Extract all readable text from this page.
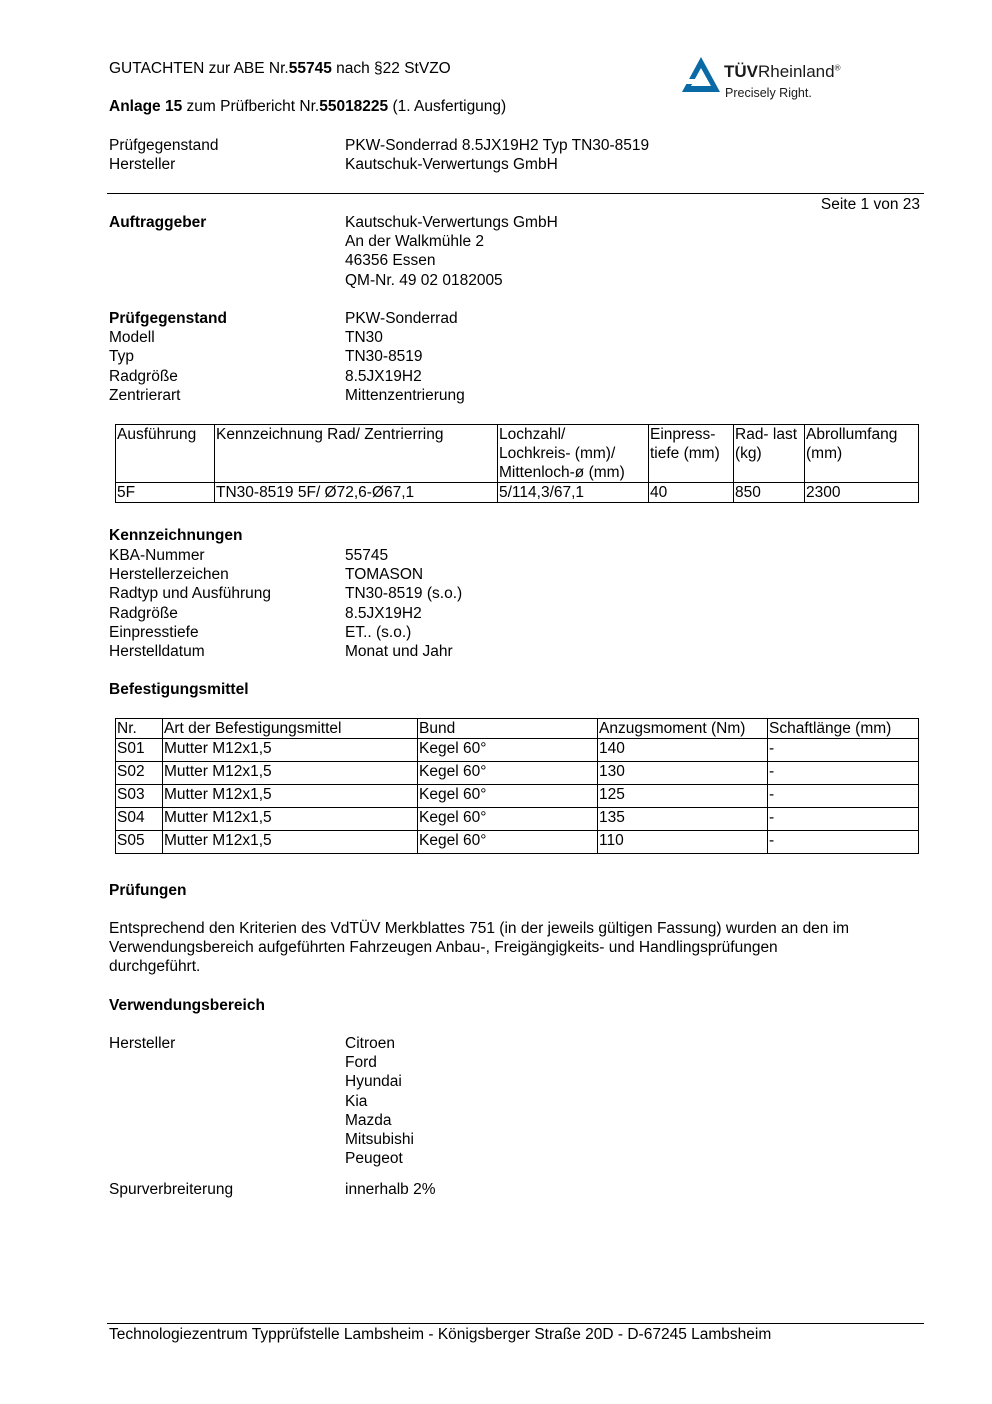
GUTACHTEN zur ABE Nr.55745 nach §22 StVZO
Anlage 15 zum Prüfbericht Nr.55018225 (1. Ausfertigung)
Prüfgegenstand	PKW-Sonderrad 8.5JX19H2 Typ TN30-8519
Hersteller	Kautschuk-Verwertungs GmbH
TÜVRheinland®
Precisely Right.
Seite 1 von 23
Auftraggeber	Kautschuk-Verwertungs GmbH
An der Walkmühle 2
46356 Essen
QM-Nr. 49 02 0182005
Prüfgegenstand	PKW-Sonderrad
Modell	TN30
Typ	TN30-8519
Radgröße	8.5JX19H2
Zentrierart	Mittenzentrierung
Ausführung	Kennzeichnung Rad/ Zentrierring	Lochzahl/ Lochkreis- (mm)/ Mittenloch-ø (mm)	Einpress-tiefe (mm)	Rad- last (kg)	Abrollumfang (mm)

5F	TN30-8519 5F/ Ø72,6-Ø67,1	5/114,3/67,1	40	850	2300
Kennzeichnungen
KBA-Nummer	55745
Herstellerzeichen	TOMASON
Radtyp und Ausführung	TN30-8519 (s.o.)
Radgröße	8.5JX19H2
Einpresstiefe	ET.. (s.o.)
Herstelldatum	Monat und Jahr
Befestigungsmittel
Nr.	Art der Befestigungsmittel	Bund	Anzugsmoment (Nm)	Schaftlänge (mm)
S01	Mutter M12x1,5	Kegel 60°	140	-
S02	Mutter M12x1,5	Kegel 60°	130	-
S03	Mutter M12x1,5	Kegel 60°	125	-
S04	Mutter M12x1,5	Kegel 60°	135	-
S05	Mutter M12x1,5	Kegel 60°	110	-
Prüfungen
Entsprechend den Kriterien des VdTÜV Merkblattes 751 (in der jeweils gültigen Fassung) wurden an den im
Verwendungsbereich aufgeführten Fahrzeugen Anbau-, Freigängigkeits- und Handlingsprüfungen
durchgeführt.
Verwendungsbereich
Hersteller	Citroen
Ford
Hyundai
Kia
Mazda
Mitsubishi
Peugeot
Spurverbreiterung	innerhalb 2%
Technologiezentrum Typprüfstelle Lambsheim - Königsberger Straße 20D - D-67245 Lambsheim
